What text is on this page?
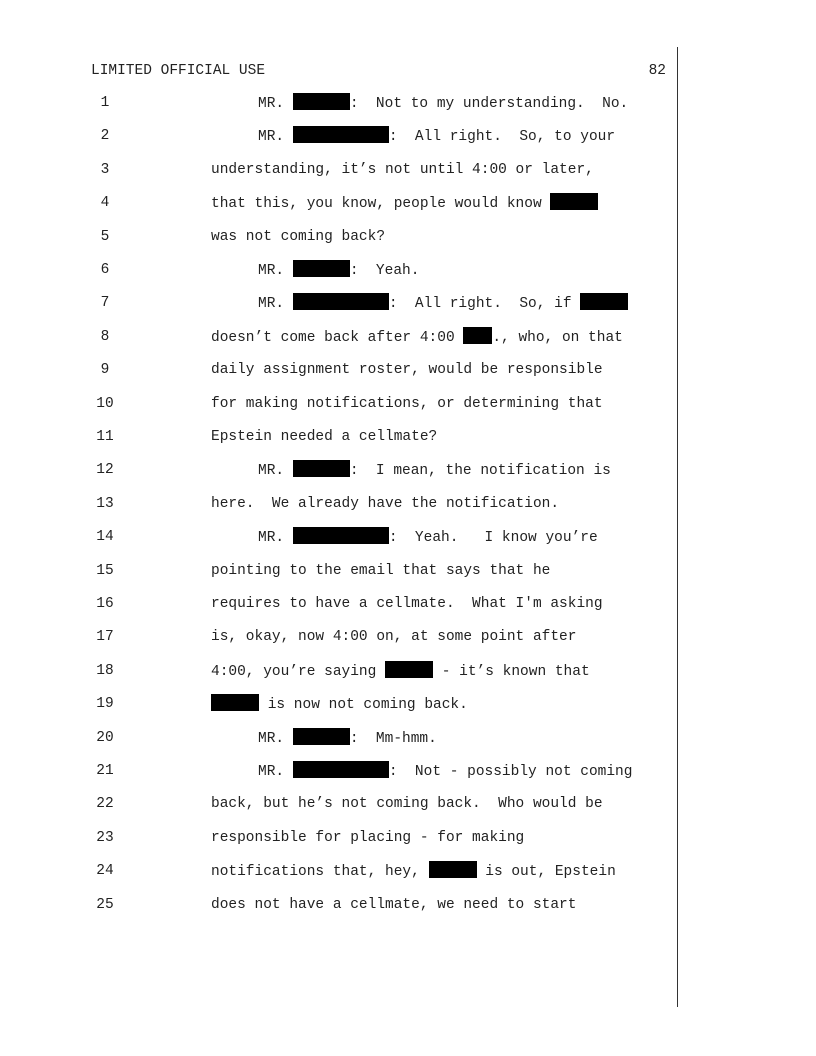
LIMITED OFFICIAL USE	82
1	MR.	:  Not to my understanding.  No.
2	MR.	:  All right.  So, to your
3	understanding, it’s not until 4:00 or later,
4	that this, you know, people would know
5	was not coming back?
6	MR.	:  Yeah.
7	MR.	:  All right.  So, if
8	doesn’t come back after 4:00 ., who, on that
9	daily assignment roster, would be responsible
10	for making notifications, or determining that
11	Epstein needed a cellmate?
12	MR.	:  I mean, the notification is
13	here.  We already have the notification.
14	MR.	:  Yeah.   I know you’re
15	pointing to the email that says that he
16	requires to have a cellmate.  What I'm asking
17	is, okay, now 4:00 on, at some point after
18	4:00, you’re saying	- it’s known that
19	is now not coming back.
20	MR.	:  Mm-hmm.
21	MR.	:  Not - possibly not coming
22	back, but he’s not coming back.  Who would be
23	responsible for placing - for making
24	notifications that, hey,	is out, Epstein
25	does not have a cellmate, we need to start
